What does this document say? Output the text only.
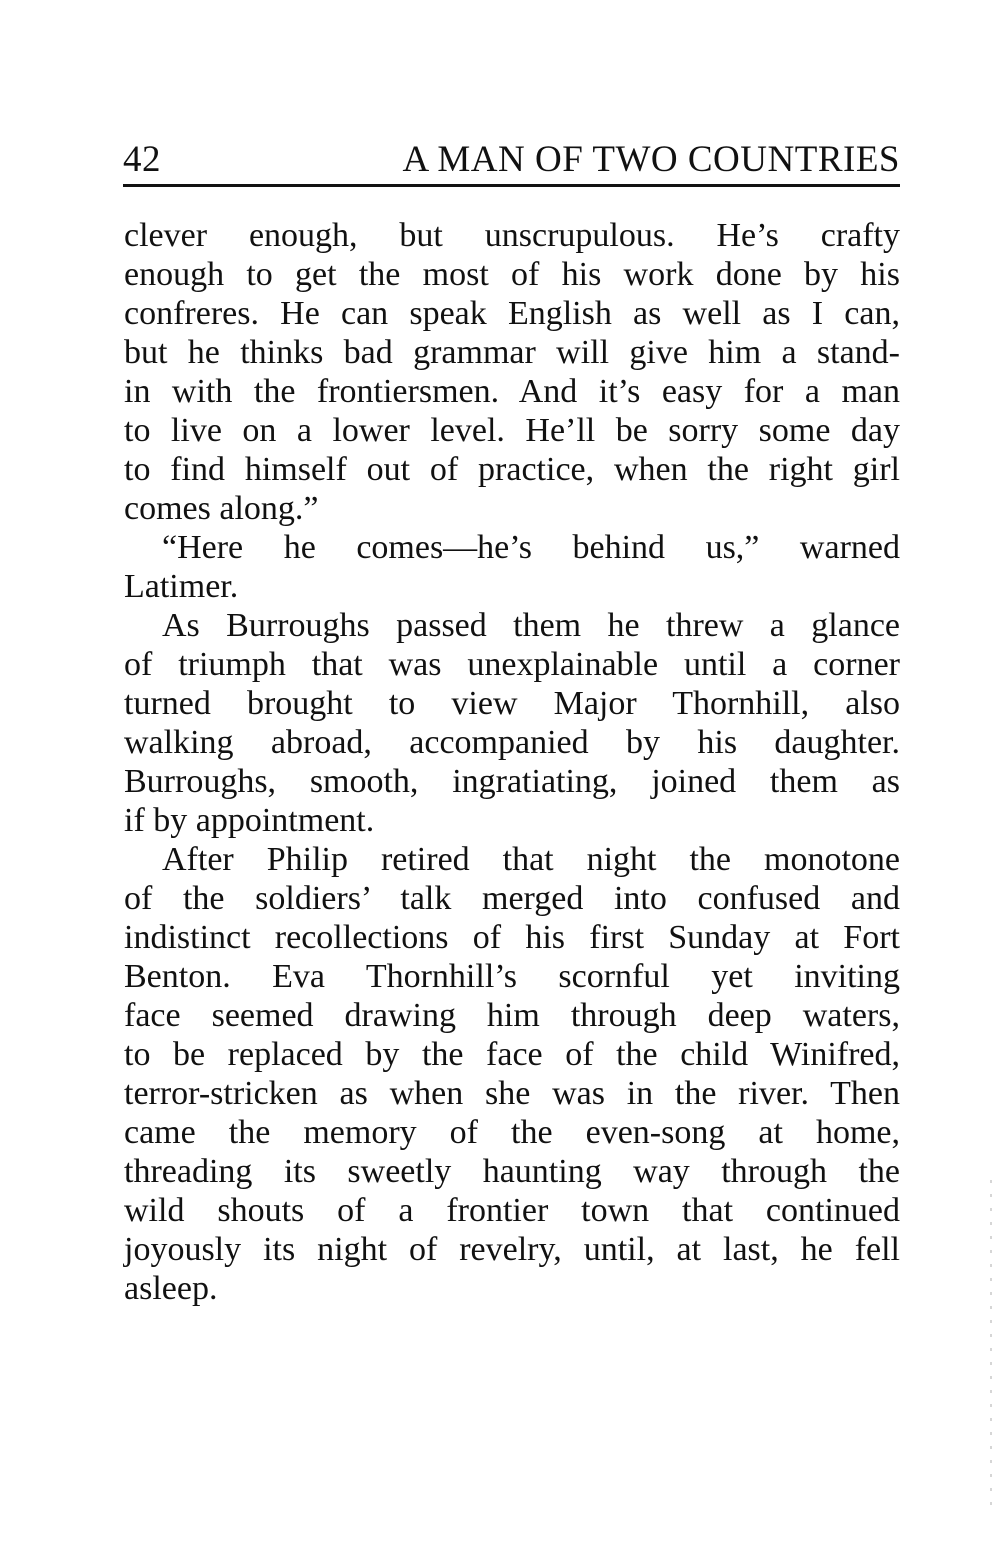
42	A MAN OF TWO COUNTRIES
clever enough, but unscrupulous. He’s crafty
enough to get the most of his work done by his
confreres. He can speak English as well as I can,
but he thinks bad grammar will give him a stand-
in with the frontiersmen. And it’s easy for a man
to live on a lower level. He’ll be sorry some day
to find himself out of practice, when the right girl
comes along.”
“Here he comes—he’s behind us,” warned
Latimer.
As Burroughs passed them he threw a glance
of triumph that was unexplainable until a corner
turned brought to view Major Thornhill, also
walking abroad, accompanied by his daughter.
Burroughs, smooth, ingratiating, joined them as
if by appointment.
After Philip retired that night the monotone
of the soldiers’ talk merged into confused and
indistinct recollections of his first Sunday at Fort
Benton. Eva Thornhill’s scornful yet inviting
face seemed drawing him through deep waters,
to be replaced by the face of the child Winifred,
terror-stricken as when she was in the river. Then
came the memory of the even-song at home,
threading its sweetly haunting way through the
wild shouts of a frontier town that continued
joyously its night of revelry, until, at last, he fell
asleep.
